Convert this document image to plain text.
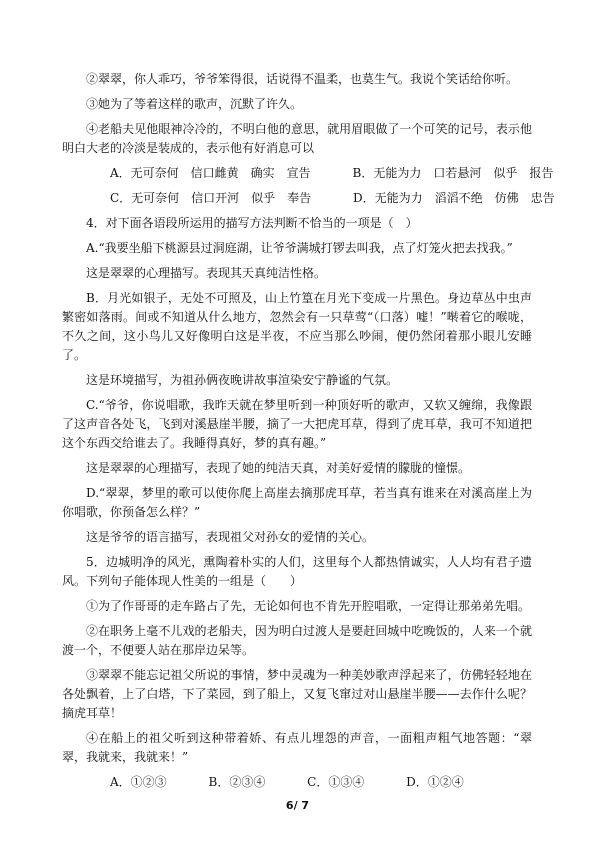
②翠翠，你人乖巧，爷爷笨得很，话说得不温柔，也莫生气。我说个笑话给你听。

③她为了等着这样的歌声，沉默了许久。

④老船夫见他眼神冷冷的，不明白他的意思，就用眉眼做了一个可笑的记号，表示他明白大老的冷淡是装成的，表示他有好消息可以

A．无可奈何　信口雌黄　确实　宣告	B．无能为力　口若悬河　似乎　报告
C．无可奈何　信口开河　似乎　奉告	D．无能为力　滔滔不绝　仿佛　忠告

4．对下面各语段所运用的描写方法判断不恰当的一项是（　）

A.“我要坐船下桃源县过洞庭湖，让爷爷满城打锣去叫我，点了灯笼火把去找我。”

这是翠翠的心理描写。表现其天真纯洁性格。

B．月光如银子，无处不可照及，山上竹篁在月光下变成一片黑色。身边草丛中虫声繁密如落雨。间或不知道从什么地方，忽然会有一只草莺“（口落）嘘！”啭着它的喉咙，不久之间，这小鸟儿又好像明白这是半夜，不应当那么吵闹，便仍然闭着那小眼儿安睡了。

这是环境描写，为祖孙俩夜晚讲故事渲染安宁静谧的气氛。

C.“爷爷，你说唱歌，我昨天就在梦里听到一种顶好听的歌声，又软又缠绵，我像跟了这声音各处飞，飞到对溪悬崖半腰，摘了一大把虎耳草，得到了虎耳草，我可不知道把这个东西交给谁去了。我睡得真好，梦的真有趣。”

这是翠翠的心理描写，表现了她的纯洁天真，对美好爱情的朦胧的憧憬。

D.“翠翠，梦里的歌可以使你爬上高崖去摘那虎耳草，若当真有谁来在对溪高崖上为你唱歌，你预备怎么样？”

这是爷爷的语言描写，表现祖父对孙女的爱情的关心。

5．边城明净的风光，熏陶着朴实的人们，这里每个人都热情诚实，人人均有君子遗风。下列句子能体现人性美的一组是（　　）

①为了作哥哥的走车路占了先，无论如何也不肯先开腔唱歌，一定得让那弟弟先唱。

②在职务上毫不儿戏的老船夫，因为明白过渡人是要赶回城中吃晚饭的，人来一个就渡一个，不便要人站在那岸边呆等。

③翠翠不能忘记祖父所说的事情，梦中灵魂为一种美妙歌声浮起来了，仿佛轻轻地在各处飘着，上了白塔，下了菜园，到了船上，又复飞窜过对山悬崖半腰——去作什么呢？摘虎耳草！

④在船上的祖父听到这种带着娇、有点儿埋怨的声音，一面粗声粗气地答题：“翠翠，我就来，我就来！”

A．①②③	B．②③④	C．①③④	D．①②④
6/ 7
